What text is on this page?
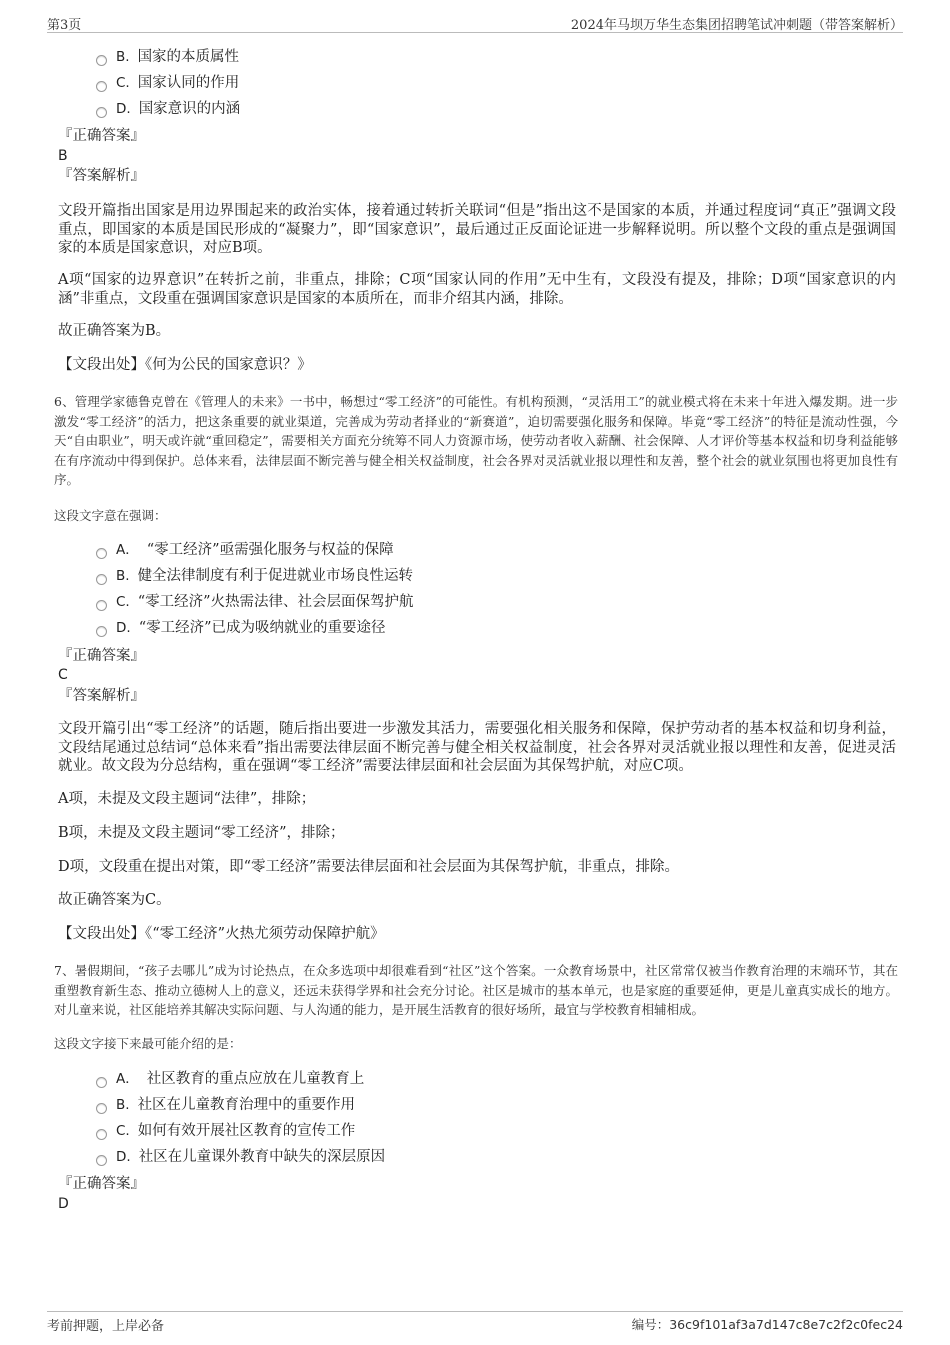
第3页	2024年马坝万华生态集团招聘笔试冲刺题（带答案解析）
B. 国家的本质属性
C. 国家认同的作用
D. 国家意识的内涵
『正确答案』
B
『答案解析』
文段开篇指出国家是用边界围起来的政治实体，接着通过转折关联词“但是”指出这不是国家的本质，并通过程度词“真正”强调文段重点，即国家的本质是国民形成的“凝聚力”，即“国家意识”，最后通过正反面论证进一步解释说明。所以整个文段的重点是强调国家的本质是国家意识，对应B项。
A项“国家的边界意识”在转折之前，非重点，排除；C项“国家认同的作用”无中生有，文段没有提及，排除；D项“国家意识的内涵”非重点，文段重在强调国家意识是国家的本质所在，而非介绍其内涵，排除。
故正确答案为B。
【文段出处】《何为公民的国家意识？》
6、管理学家德鲁克曾在《管理人的未来》一书中，畅想过“零工经济”的可能性。有机构预测，“灵活用工”的就业模式将在未来十年进入爆发期。进一步激发“零工经济”的活力，把这条重要的就业渠道，完善成为劳动者择业的“新赛道”，迫切需要强化服务和保障。毕竟“零工经济”的特征是流动性强，今天“自由职业”，明天或许就“重回稳定”，需要相关方面充分统筹不同人力资源市场，使劳动者收入薪酬、社会保障、人才评价等基本权益和切身利益能够在有序流动中得到保护。总体来看，法律层面不断完善与健全相关权益制度，社会各界对灵活就业报以理性和友善，整个社会的就业氛围也将更加良性有序。
这段文字意在强调：
A． “零工经济”亟需强化服务与权益的保障
B. 健全法律制度有利于促进就业市场良性运转
C. “零工经济”火热需法律、社会层面保驾护航
D. “零工经济”已成为吸纳就业的重要途径
『正确答案』
C
『答案解析』
文段开篇引出“零工经济”的话题，随后指出要进一步激发其活力，需要强化相关服务和保障，保护劳动者的基本权益和切身利益，文段结尾通过总结词“总体来看”指出需要法律层面不断完善与健全相关权益制度，社会各界对灵活就业报以理性和友善，促进灵活就业。故文段为分总结构，重在强调“零工经济”需要法律层面和社会层面为其保驾护航，对应C项。
A项，未提及文段主题词“法律”，排除；
B项，未提及文段主题词“零工经济”，排除；
D项，文段重在提出对策，即“零工经济”需要法律层面和社会层面为其保驾护航，非重点，排除。
故正确答案为C。
【文段出处】《“零工经济”火热尤须劳动保障护航》
7、暑假期间，“孩子去哪儿”成为讨论热点，在众多选项中却很难看到“社区”这个答案。一众教育场景中，社区常常仅被当作教育治理的末端环节，其在重塑教育新生态、推动立德树人上的意义，还远未获得学界和社会充分讨论。社区是城市的基本单元，也是家庭的重要延伸，更是儿童真实成长的地方。对儿童来说，社区能培养其解决实际问题、与人沟通的能力，是开展生活教育的很好场所，最宜与学校教育相辅相成。
这段文字接下来最可能介绍的是：
A． 社区教育的重点应放在儿童教育上
B. 社区在儿童教育治理中的重要作用
C. 如何有效开展社区教育的宣传工作
D. 社区在儿童课外教育中缺失的深层原因
『正确答案』
D
考前押题，上岸必备	编号：36c9f101af3a7d147c8e7c2f2c0fec24
